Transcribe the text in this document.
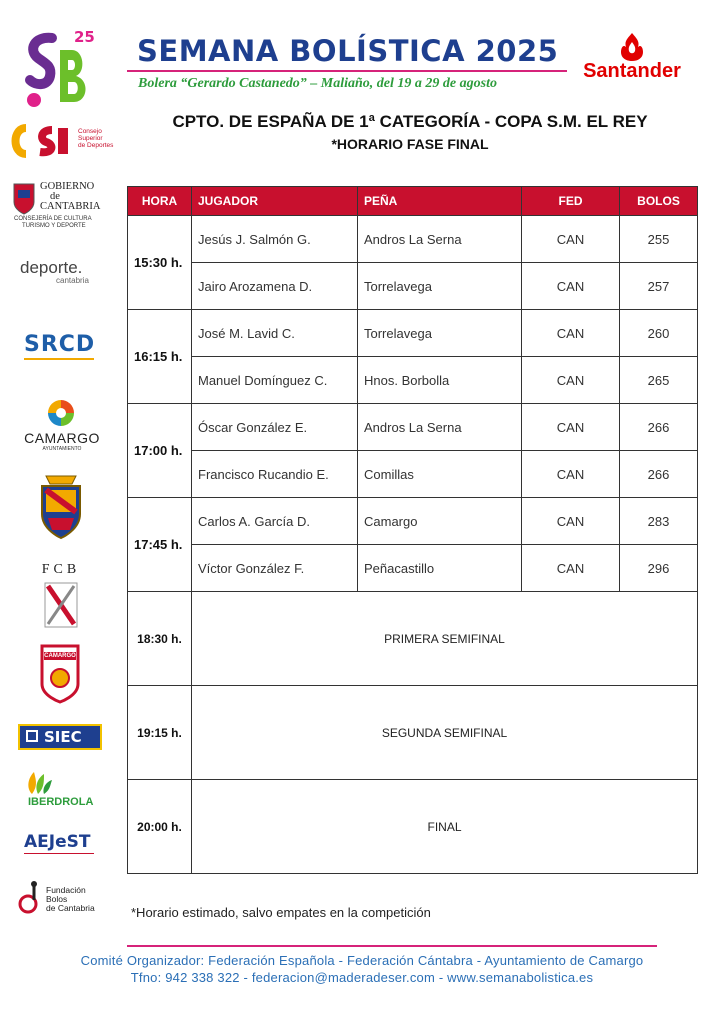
SEMANA BOLÍSTICA 2025
Bolera “Gerardo Castanedo” – Maliaño, del 19 a 29 de agosto
Santander
CPTO. DE ESPAÑA DE 1ª CATEGORÍA - COPA S.M. EL REY
*HORARIO FASE FINAL
25
Consejo
Superior
de Deportes
GOBIERNO
de
CANTABRIA
CONSEJERÍA DE CULTURA
TURISMO Y DEPORTE
deporte.
cantabria
SRCD
CAMARGO
AYUNTAMIENTO
FCB
CAMARGO
SIEC
IBERDROLA
AEJeST
Fundación
Bolos
de Cantabria
HORA	JUGADOR	PEÑA	FED	BOLOS
15:30 h.	Jesús J. Salmón G.	Andros La Serna	CAN	255
	Jairo Arozamena D.	Torrelavega	CAN	257
16:15 h.	José M. Lavid C.	Torrelavega	CAN	260
	Manuel Domínguez C.	Hnos. Borbolla	CAN	265
17:00 h.	Óscar González E.	Andros La Serna	CAN	266
	Francisco Rucandio E.	Comillas	CAN	266
17:45 h.	Carlos A. García D.	Camargo	CAN	283
	Víctor González F.	Peñacastillo	CAN	296
18:30 h.	PRIMERA SEMIFINAL			
19:15 h.	SEGUNDA SEMIFINAL			
20:00 h.	FINAL			
*Horario estimado, salvo empates en la competición
Comité Organizador: Federación Española - Federación Cántabra - Ayuntamiento de Camargo
Tfno: 942 338 322 - federacion@maderadeser.com - www.semanabolistica.es
